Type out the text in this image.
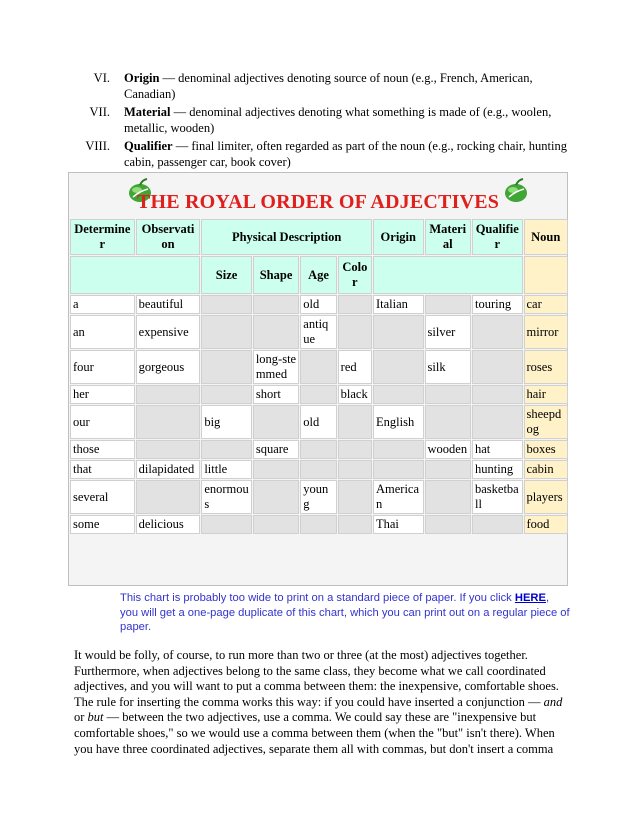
VI.	Origin — denominal adjectives denoting source of noun (e.g., French, American, Canadian)
VII.	Material — denominal adjectives denoting what something is made of (e.g., woolen, metallic, wooden)
VIII.	Qualifier — final limiter, often regarded as part of the noun (e.g., rocking chair, hunting cabin, passenger car, book cover)
THE ROYAL ORDER OF ADJECTIVES
Determiner	Observation	Physical Description				Origin	Material	Qualifier	Noun
		Size	Shape	Age	Color				
a	beautiful			old		Italian		touring	car
an	expensive			antique			silver		mirror
four	gorgeous		long-stemmed		red		silk		roses
her			short		black				hair
our		big		old		English			sheepdog
those			square				wooden	hat	boxes
that	dilapidated	little						hunting	cabin
several		enormous		young		American		basketball	players
some	delicious					Thai			food
This chart is probably too wide to print on a standard piece of paper. If you click HERE, you will get a one-page duplicate of this chart, which you can print out on a regular piece of paper.
It would be folly, of course, to run more than two or three (at the most) adjectives together. Furthermore, when adjectives belong to the same class, they become what we call coordinated adjectives, and you will want to put a comma between them: the inexpensive, comfortable shoes. The rule for inserting the comma works this way: if you could have inserted a conjunction — and or but — between the two adjectives, use a comma. We could say these are "inexpensive but comfortable shoes," so we would use a comma between them (when the "but" isn't there). When you have three coordinated adjectives, separate them all with commas, but don't insert a comma
